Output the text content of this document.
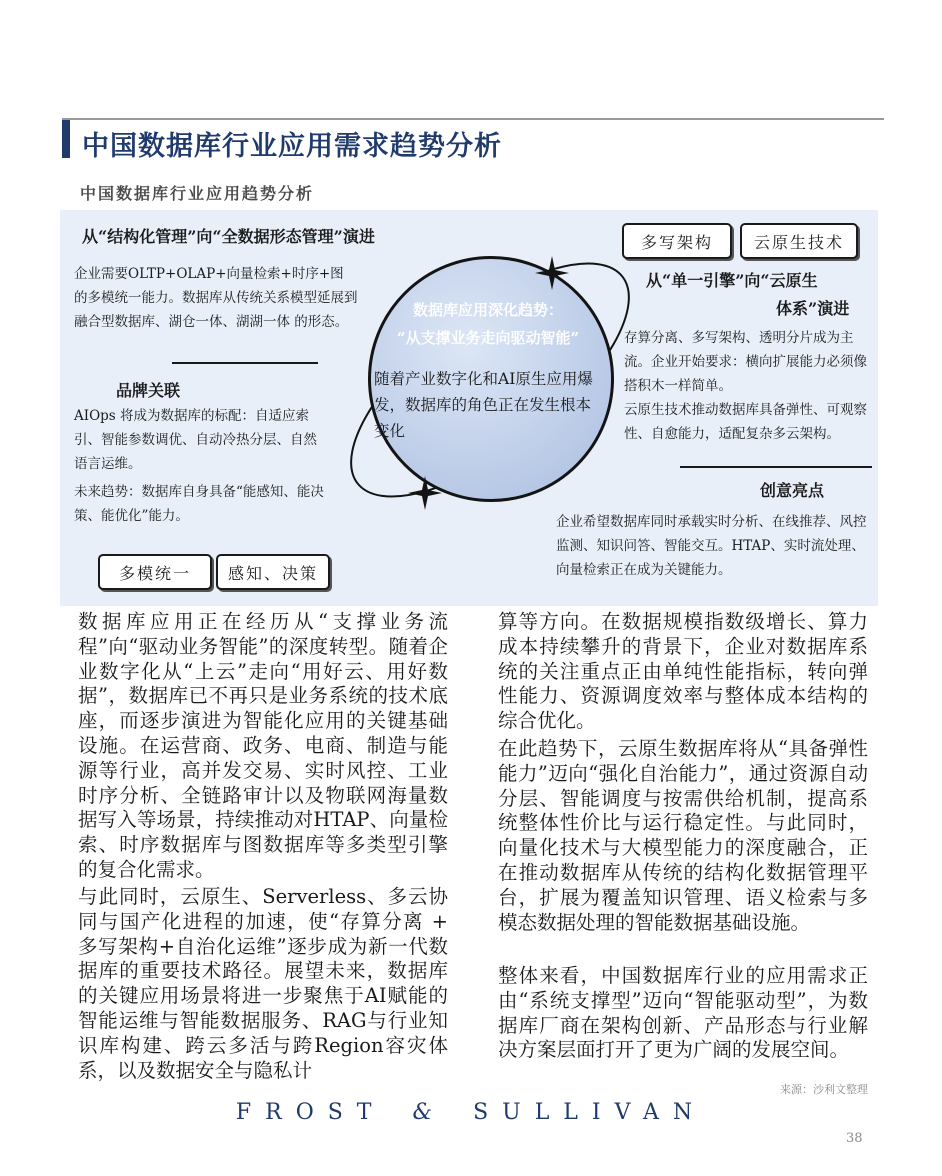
中国数据库行业应用需求趋势分析
中国数据库行业应用趋势分析
数据库应用深化趋势：
“从支撑业务走向驱动智能”
随着产业数字化和AI原生应用爆发，数据库的角色正在发生根本变化
从“结构化管理”向“全数据形态管理”演进
企业需要OLTP+OLAP+向量检索+时序+图 的多模统一能力。数据库从传统关系模型延展到融合型数据库、湖仓一体、湖湖一体 的形态。
品牌关联
AIOps 将成为数据库的标配：自适应索引、智能参数调优、自动冷热分层、自然语言运维。
未来趋势：数据库自身具备“能感知、能决策、能优化”能力。
多写架构	云原生技术
从“单一引擎”向“云原生
体系”演进
存算分离、多写架构、透明分片成为主流。企业开始要求：横向扩展能力必须像搭积木一样简单。
云原生技术推动数据库具备弹性、可观察性、自愈能力，适配复杂多云架构。
创意亮点
企业希望数据库同时承载实时分析、在线推荐、风控监测、知识问答、智能交互。HTAP、实时流处理、向量检索正在成为关键能力。
多模统一	感知、决策
数据库应用正在经历从“支撑业务流程”向“驱动业务智能”的深度转型。随着企业数字化从“上云”走向“用好云、用好数据”，数据库已不再只是业务系统的技术底座，而逐步演进为智能化应用的关键基础设施。在运营商、政务、电商、制造与能源等行业，高并发交易、实时风控、工业时序分析、全链路审计以及物联网海量数据写入等场景，持续推动对HTAP、向量检索、时序数据库与图数据库等多类型引擎的复合化需求。
与此同时，云原生、Serverless、多云协同与国产化进程的加速，使“存算分离 + 多写架构+自治化运维”逐步成为新一代数据库的重要技术路径。展望未来，数据库的关键应用场景将进一步聚焦于AI赋能的智能运维与智能数据服务、RAG与行业知识库构建、跨云多活与跨Region容灾体系，以及数据安全与隐私计
算等方向。在数据规模指数级增长、算力成本持续攀升的背景下，企业对数据库系统的关注重点正由单纯性能指标，转向弹性能力、资源调度效率与整体成本结构的综合优化。
在此趋势下，云原生数据库将从“具备弹性能力”迈向“强化自治能力”，通过资源自动分层、智能调度与按需供给机制，提高系统整体性价比与运行稳定性。与此同时，向量化技术与大模型能力的深度融合，正在推动数据库从传统的结构化数据管理平台，扩展为覆盖知识管理、语义检索与多模态数据处理的智能数据基础设施。
整体来看，中国数据库行业的应用需求正由“系统支撑型”迈向“智能驱动型”，为数据库厂商在架构创新、产品形态与行业解决方案层面打开了更为广阔的发展空间。
来源：沙利文整理
FROST & SULLIVAN
38
